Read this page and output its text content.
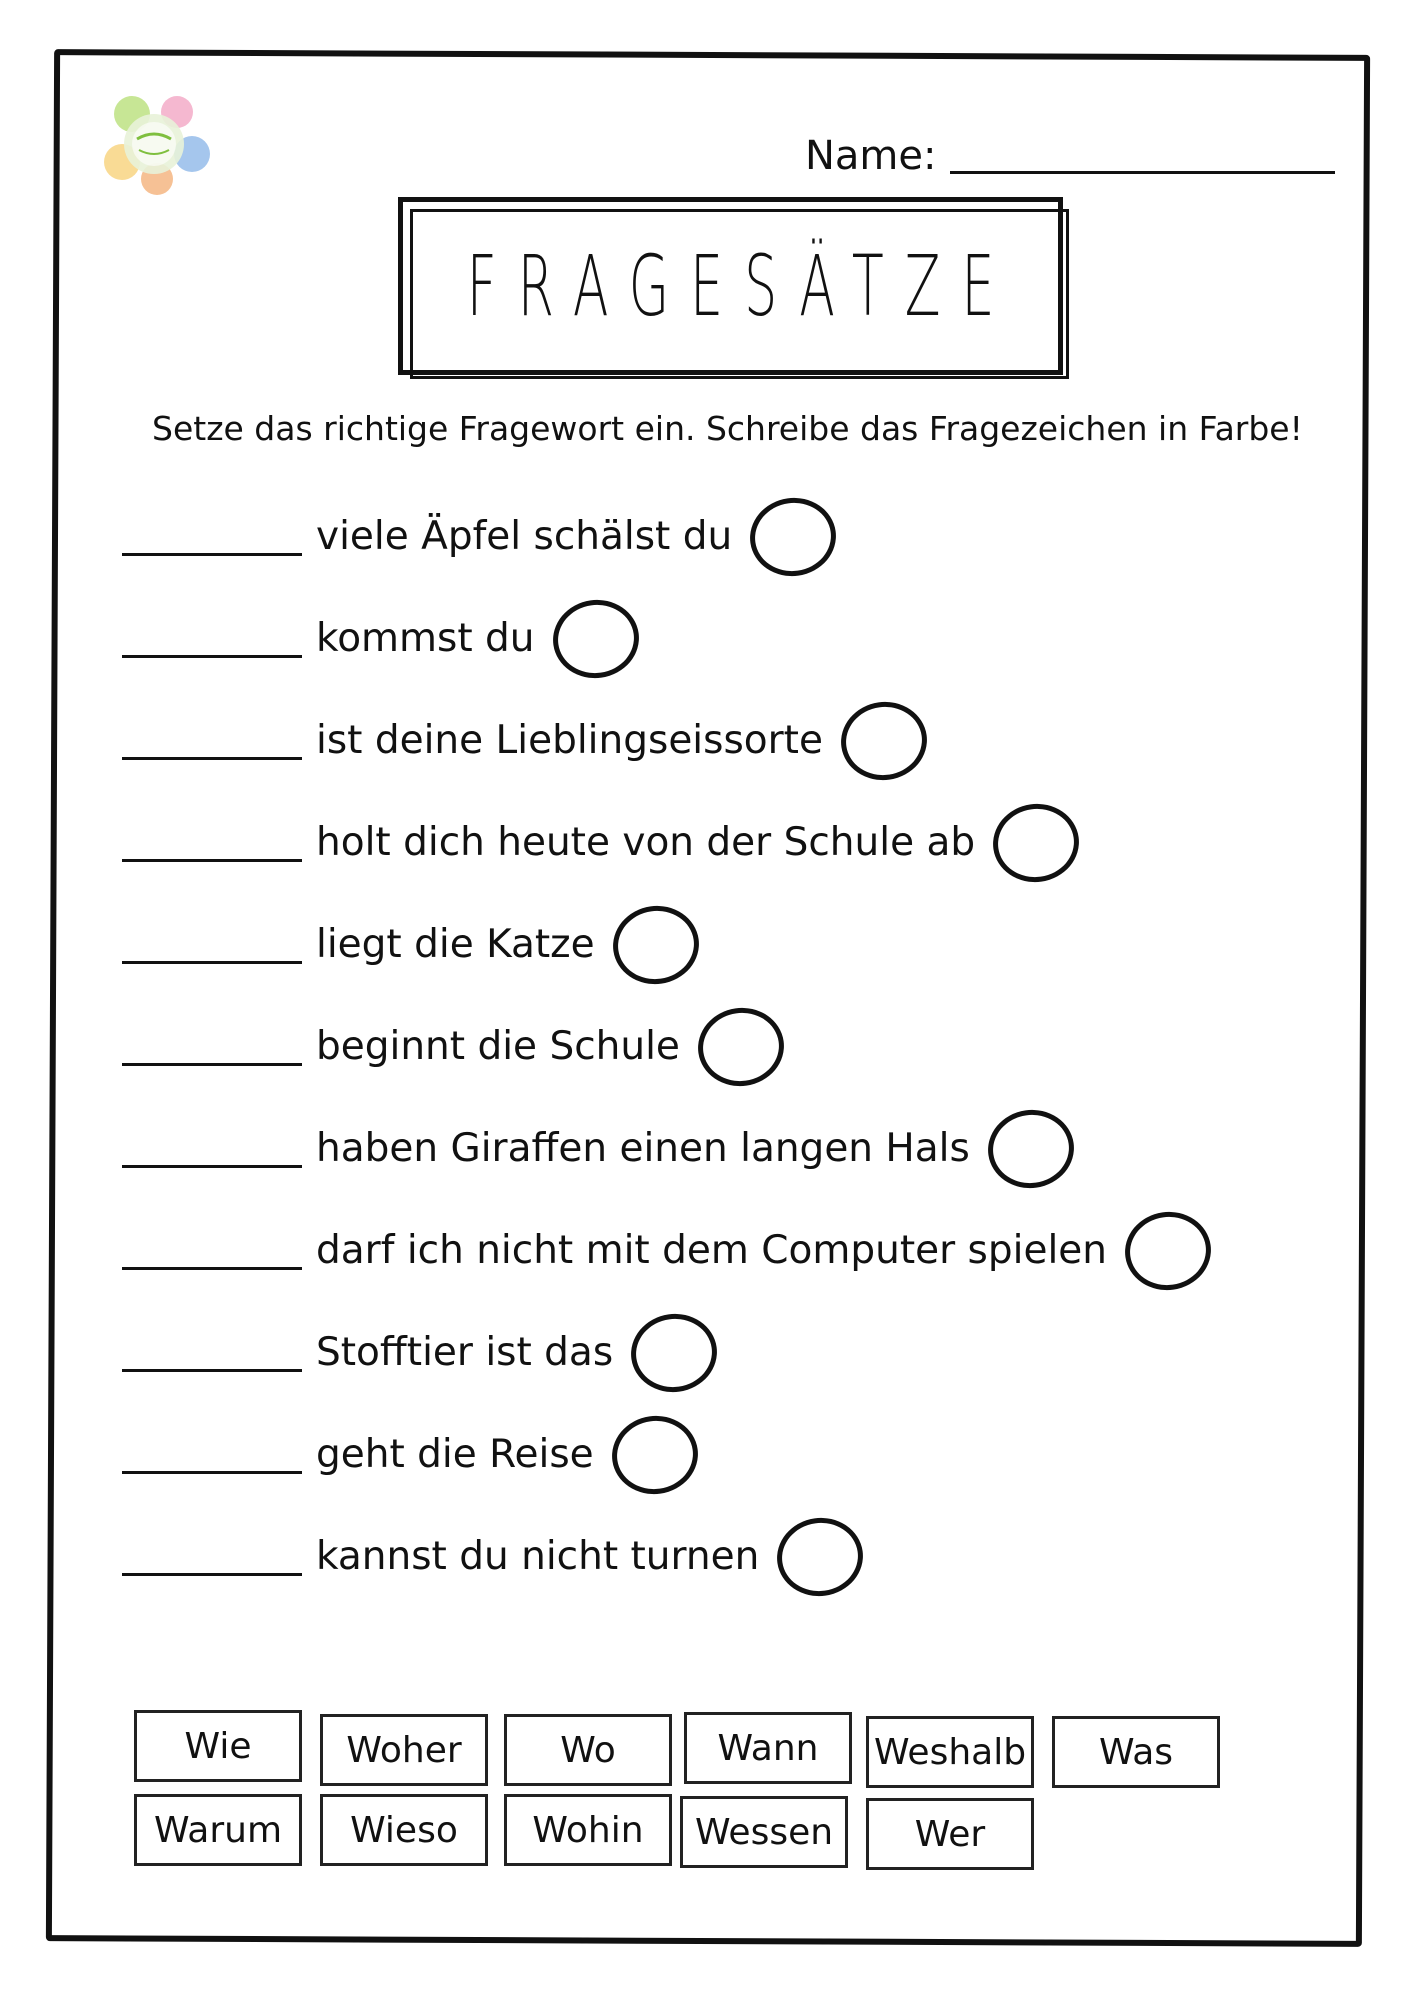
Name:
FRAGESÄTZE
Setze das richtige Fragewort ein. Schreibe das Fragezeichen in Farbe!
viele Äpfel schälst du
kommst du
ist deine Lieblingseissorte
holt dich heute von der Schule ab
liegt die Katze
beginnt die Schule
haben Giraffen einen langen Hals
darf ich nicht mit dem Computer spielen
Stofftier ist das
geht die Reise
kannst du nicht turnen
Wie	Woher	Wo	Wann	Weshalb	Was
Warum	Wieso	Wohin	Wessen	Wer
